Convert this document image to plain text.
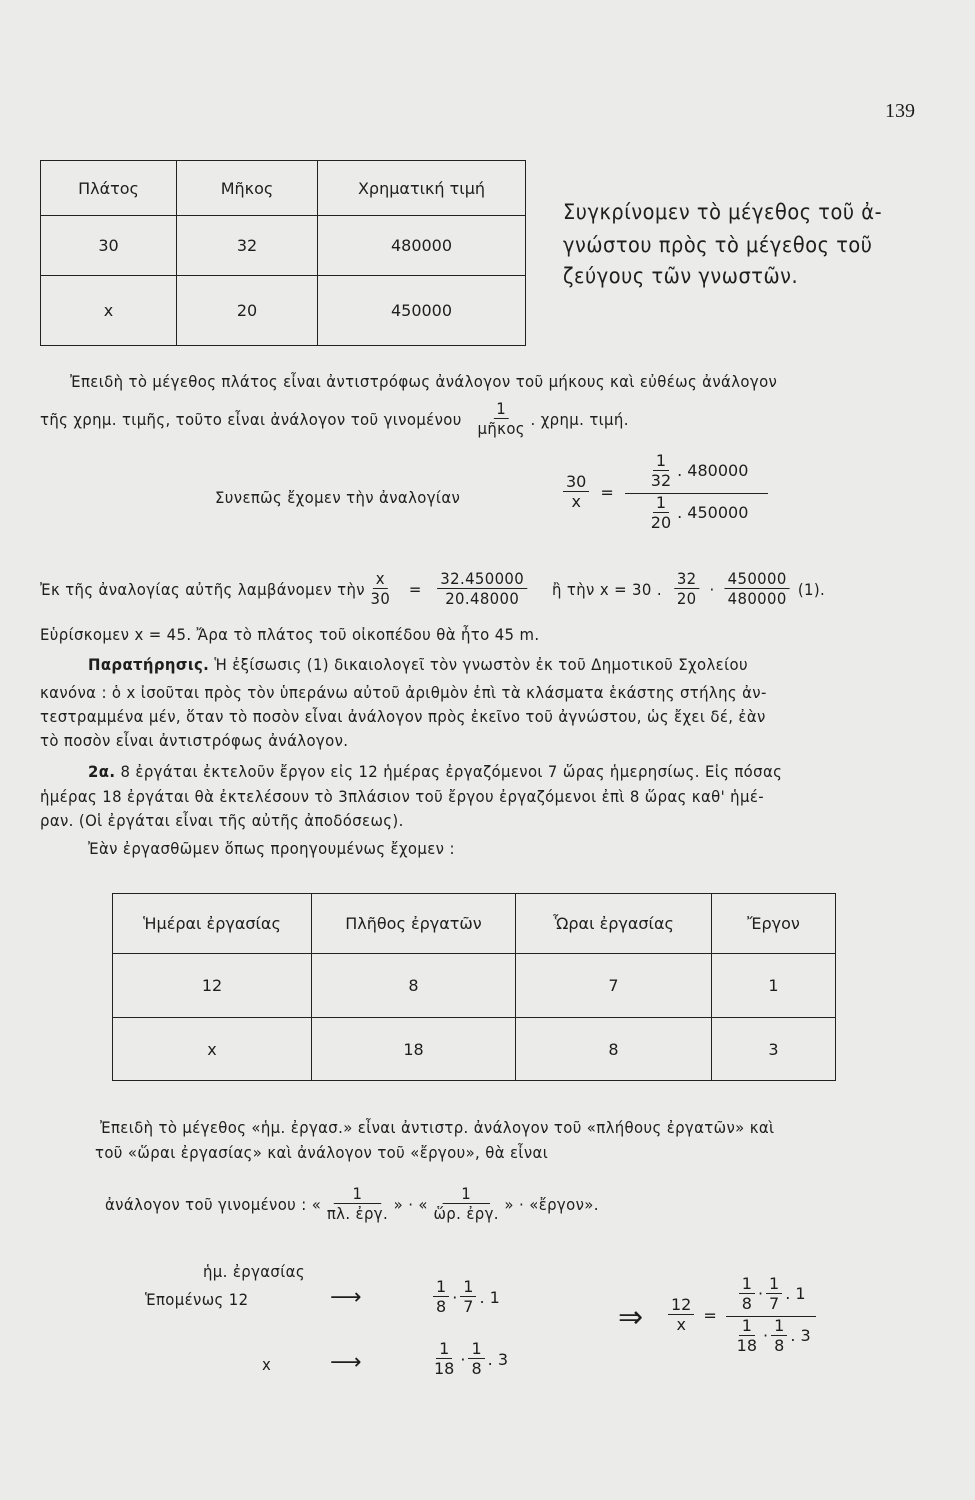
139
Πλάτος	Μῆκος	Χρηματική τιμή
30	32	480000
x	20	450000
Συγκρίνομεν τὸ μέγεθος τοῦ ἀ-
γνώστου πρὸς τὸ μέγεθος τοῦ
ζεύγους τῶν γνωστῶν.
Ἐπειδὴ τὸ μέγεθος πλάτος εἶναι ἀντιστρόφως ἀνάλογον τοῦ μήκους καὶ εὐθέως ἀνάλογον
τῆς χρημ. τιμῆς, τοῦτο εἶναι ἀνάλογον τοῦ γινομένου
1
μῆκος
. χρημ. τιμή.
Συνεπῶς ἔχομεν τὴν ἀναλογίαν	$\frac{30}{x} = \frac{\frac{1}{32} . 480000}{\frac{1}{20} . 450000}$
Ἐκ τῆς ἀναλογίας αὐτῆς λαμβάνομεν τὴν $\frac{x}{30} = \frac{32.450000}{20.48000}$ ἢ τὴν x = 30 . $\frac{32}{20} \cdot \frac{450000}{480000} (1)$.
Εὑρίσκομεν x = 45. Ἄρα τὸ πλάτος τοῦ οἰκοπέδου θὰ ἦτο 45 m.
Παρατήρησις. Ἡ ἐξίσωσις (1) δικαιολογεῖ τὸν γνωστὸν ἐκ τοῦ Δημοτικοῦ Σχολείου
κανόνα : ὁ x ἰσοῦται πρὸς τὸν ὑπεράνω αὐτοῦ ἀριθμὸν ἐπὶ τὰ κλάσματα ἑκάστης στήλης ἀν-
τεστραμμένα μέν, ὅταν τὸ ποσὸν εἶναι ἀνάλογον πρὸς ἐκεῖνο τοῦ ἀγνώστου, ὡς ἔχει δέ, ἐὰν
τὸ ποσὸν εἶναι ἀντιστρόφως ἀνάλογον.
2α. 8 ἐργάται ἐκτελοῦν ἔργον εἰς 12 ἡμέρας ἐργαζόμενοι 7 ὥρας ἡμερησίως. Εἰς πόσας
ἡμέρας 18 ἐργάται θὰ ἐκτελέσουν τὸ 3πλάσιον τοῦ ἔργου ἐργαζόμενοι ἐπὶ 8 ὥρας καθ' ἡμέ-
ραν. (Οἱ ἐργάται εἶναι τῆς αὐτῆς ἀποδόσεως).
Ἐὰν ἐργασθῶμεν ὅπως προηγουμένως ἔχομεν :
Ἡμέραι ἐργασίας	Πλῆθος ἐργατῶν	Ὧραι ἐργασίας	Ἔργον
12	8	7	1
x	18	8	3
Ἐπειδὴ τὸ μέγεθος «ἡμ. ἐργασ.» εἶναι ἀντιστρ. ἀνάλογον τοῦ «πλήθους ἐργατῶν» καὶ
τοῦ «ὥραι ἐργασίας» καὶ ἀνάλογον τοῦ «ἔργου», θὰ εἶναι
ἀνάλογον τοῦ γινομένου : «
1
πλ. ἐργ.
» · «
1
ὥρ. ἐργ.
» · «ἔργον».
ἡμ. ἐργασίας
Ἑπομένως 12	⟶	$\frac{1}{8} \cdot \frac{1}{7}$ . 1
x	⟶	$\frac{1}{18} \cdot \frac{1}{8}$ . 3
⇒ $\frac{12}{x} = \frac{\frac{1}{8} \cdot \frac{1}{7} . 1}{\frac{1}{18} \cdot \frac{1}{8} . 3}$
